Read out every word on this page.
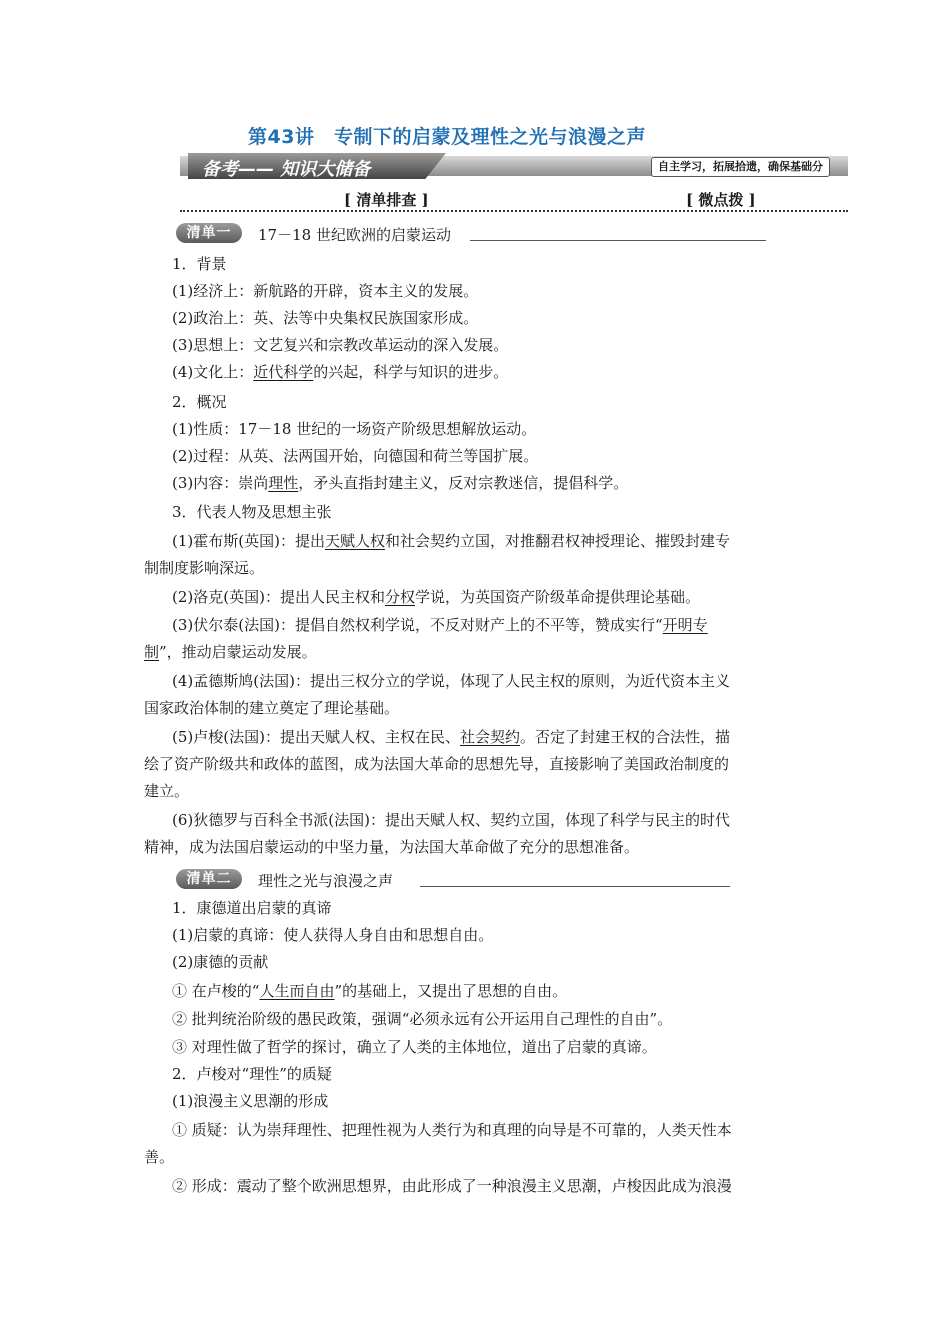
第43讲　专制下的启蒙及理性之光与浪漫之声
备考—— 知识大储备	自主学习，拓展拾遗，确保基础分
[ 清单排查 ]	[ 微点拨 ]
清单一	17－18 世纪欧洲的启蒙运动
1．背景
(1)经济上：新航路的开辟，资本主义的发展。
(2)政治上：英、法等中央集权民族国家形成。
(3)思想上：文艺复兴和宗教改革运动的深入发展。
(4)文化上：近代科学的兴起，科学与知识的进步。
2．概况
(1)性质：17－18 世纪的一场资产阶级思想解放运动。
(2)过程：从英、法两国开始，向德国和荷兰等国扩展。
(3)内容：崇尚理性，矛头直指封建主义，反对宗教迷信，提倡科学。
3．代表人物及思想主张
(1)霍布斯(英国)：提出天赋人权和社会契约立国，对推翻君权神授理论、摧毁封建专
制制度影响深远。
(2)洛克(英国)：提出人民主权和分权学说，为英国资产阶级革命提供理论基础。
(3)伏尔泰(法国)：提倡自然权利学说，不反对财产上的不平等，赞成实行“开明专
制”，推动启蒙运动发展。
(4)孟德斯鸠(法国)：提出三权分立的学说，体现了人民主权的原则，为近代资本主义
国家政治体制的建立奠定了理论基础。
(5)卢梭(法国)：提出天赋人权、主权在民、社会契约。否定了封建王权的合法性，描
绘了资产阶级共和政体的蓝图，成为法国大革命的思想先导，直接影响了美国政治制度的
建立。
(6)狄德罗与百科全书派(法国)：提出天赋人权、契约立国，体现了科学与民主的时代
精神，成为法国启蒙运动的中坚力量，为法国大革命做了充分的思想准备。
清单二	理性之光与浪漫之声
1．康德道出启蒙的真谛
(1)启蒙的真谛：使人获得人身自由和思想自由。
(2)康德的贡献
① 在卢梭的“人生而自由”的基础上，又提出了思想的自由。
② 批判统治阶级的愚民政策，强调“必须永远有公开运用自己理性的自由”。
③ 对理性做了哲学的探讨，确立了人类的主体地位，道出了启蒙的真谛。
2．卢梭对“理性”的质疑
(1)浪漫主义思潮的形成
① 质疑：认为崇拜理性、把理性视为人类行为和真理的向导是不可靠的，人类天性本
善。
② 形成：震动了整个欧洲思想界，由此形成了一种浪漫主义思潮，卢梭因此成为浪漫
